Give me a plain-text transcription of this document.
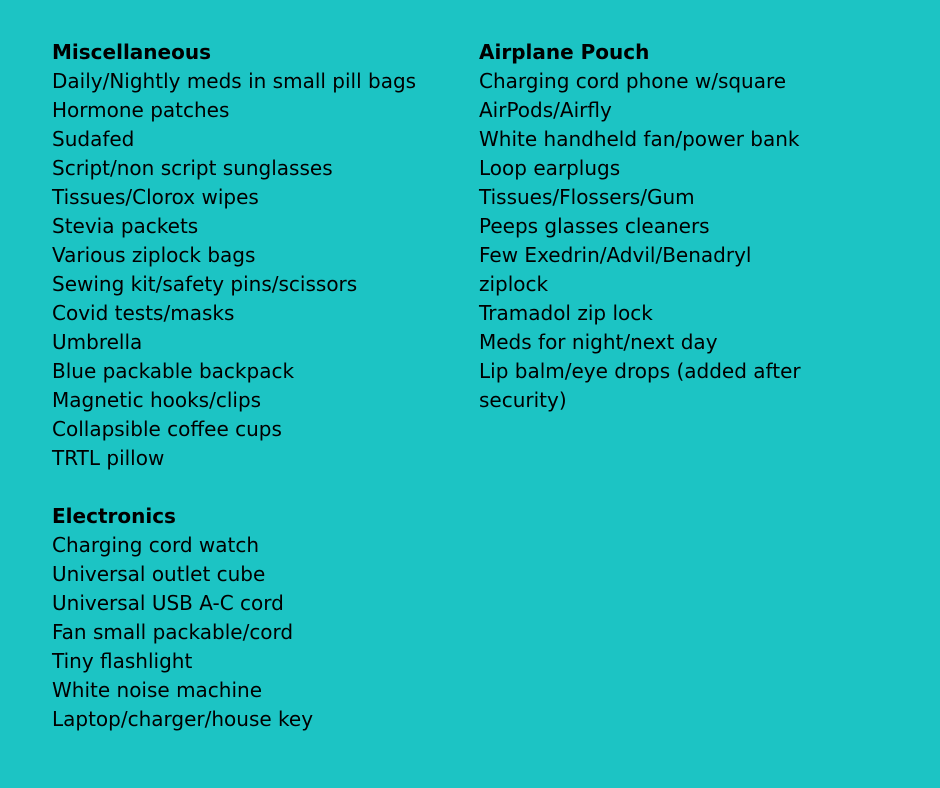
Miscellaneous
Daily/Nightly meds in small pill bags
Hormone patches
Sudafed
Script/non script sunglasses
Tissues/Clorox wipes
Stevia packets
Various ziplock bags
Sewing kit/safety pins/scissors
Covid tests/masks
Umbrella
Blue packable backpack
Magnetic hooks/clips
Collapsible coffee cups
TRTL pillow
Electronics
Charging cord watch
Universal outlet cube
Universal USB A-C cord
Fan small packable/cord
Tiny flashlight
White noise machine
Laptop/charger/house key
Airplane Pouch
Charging cord phone w/square
AirPods/Airfly
White handheld fan/power bank
Loop earplugs
Tissues/Flossers/Gum
Peeps glasses cleaners
Few Exedrin/Advil/Benadryl ziplock
Tramadol zip lock
Meds for night/next day
Lip balm/eye drops (added after security)
